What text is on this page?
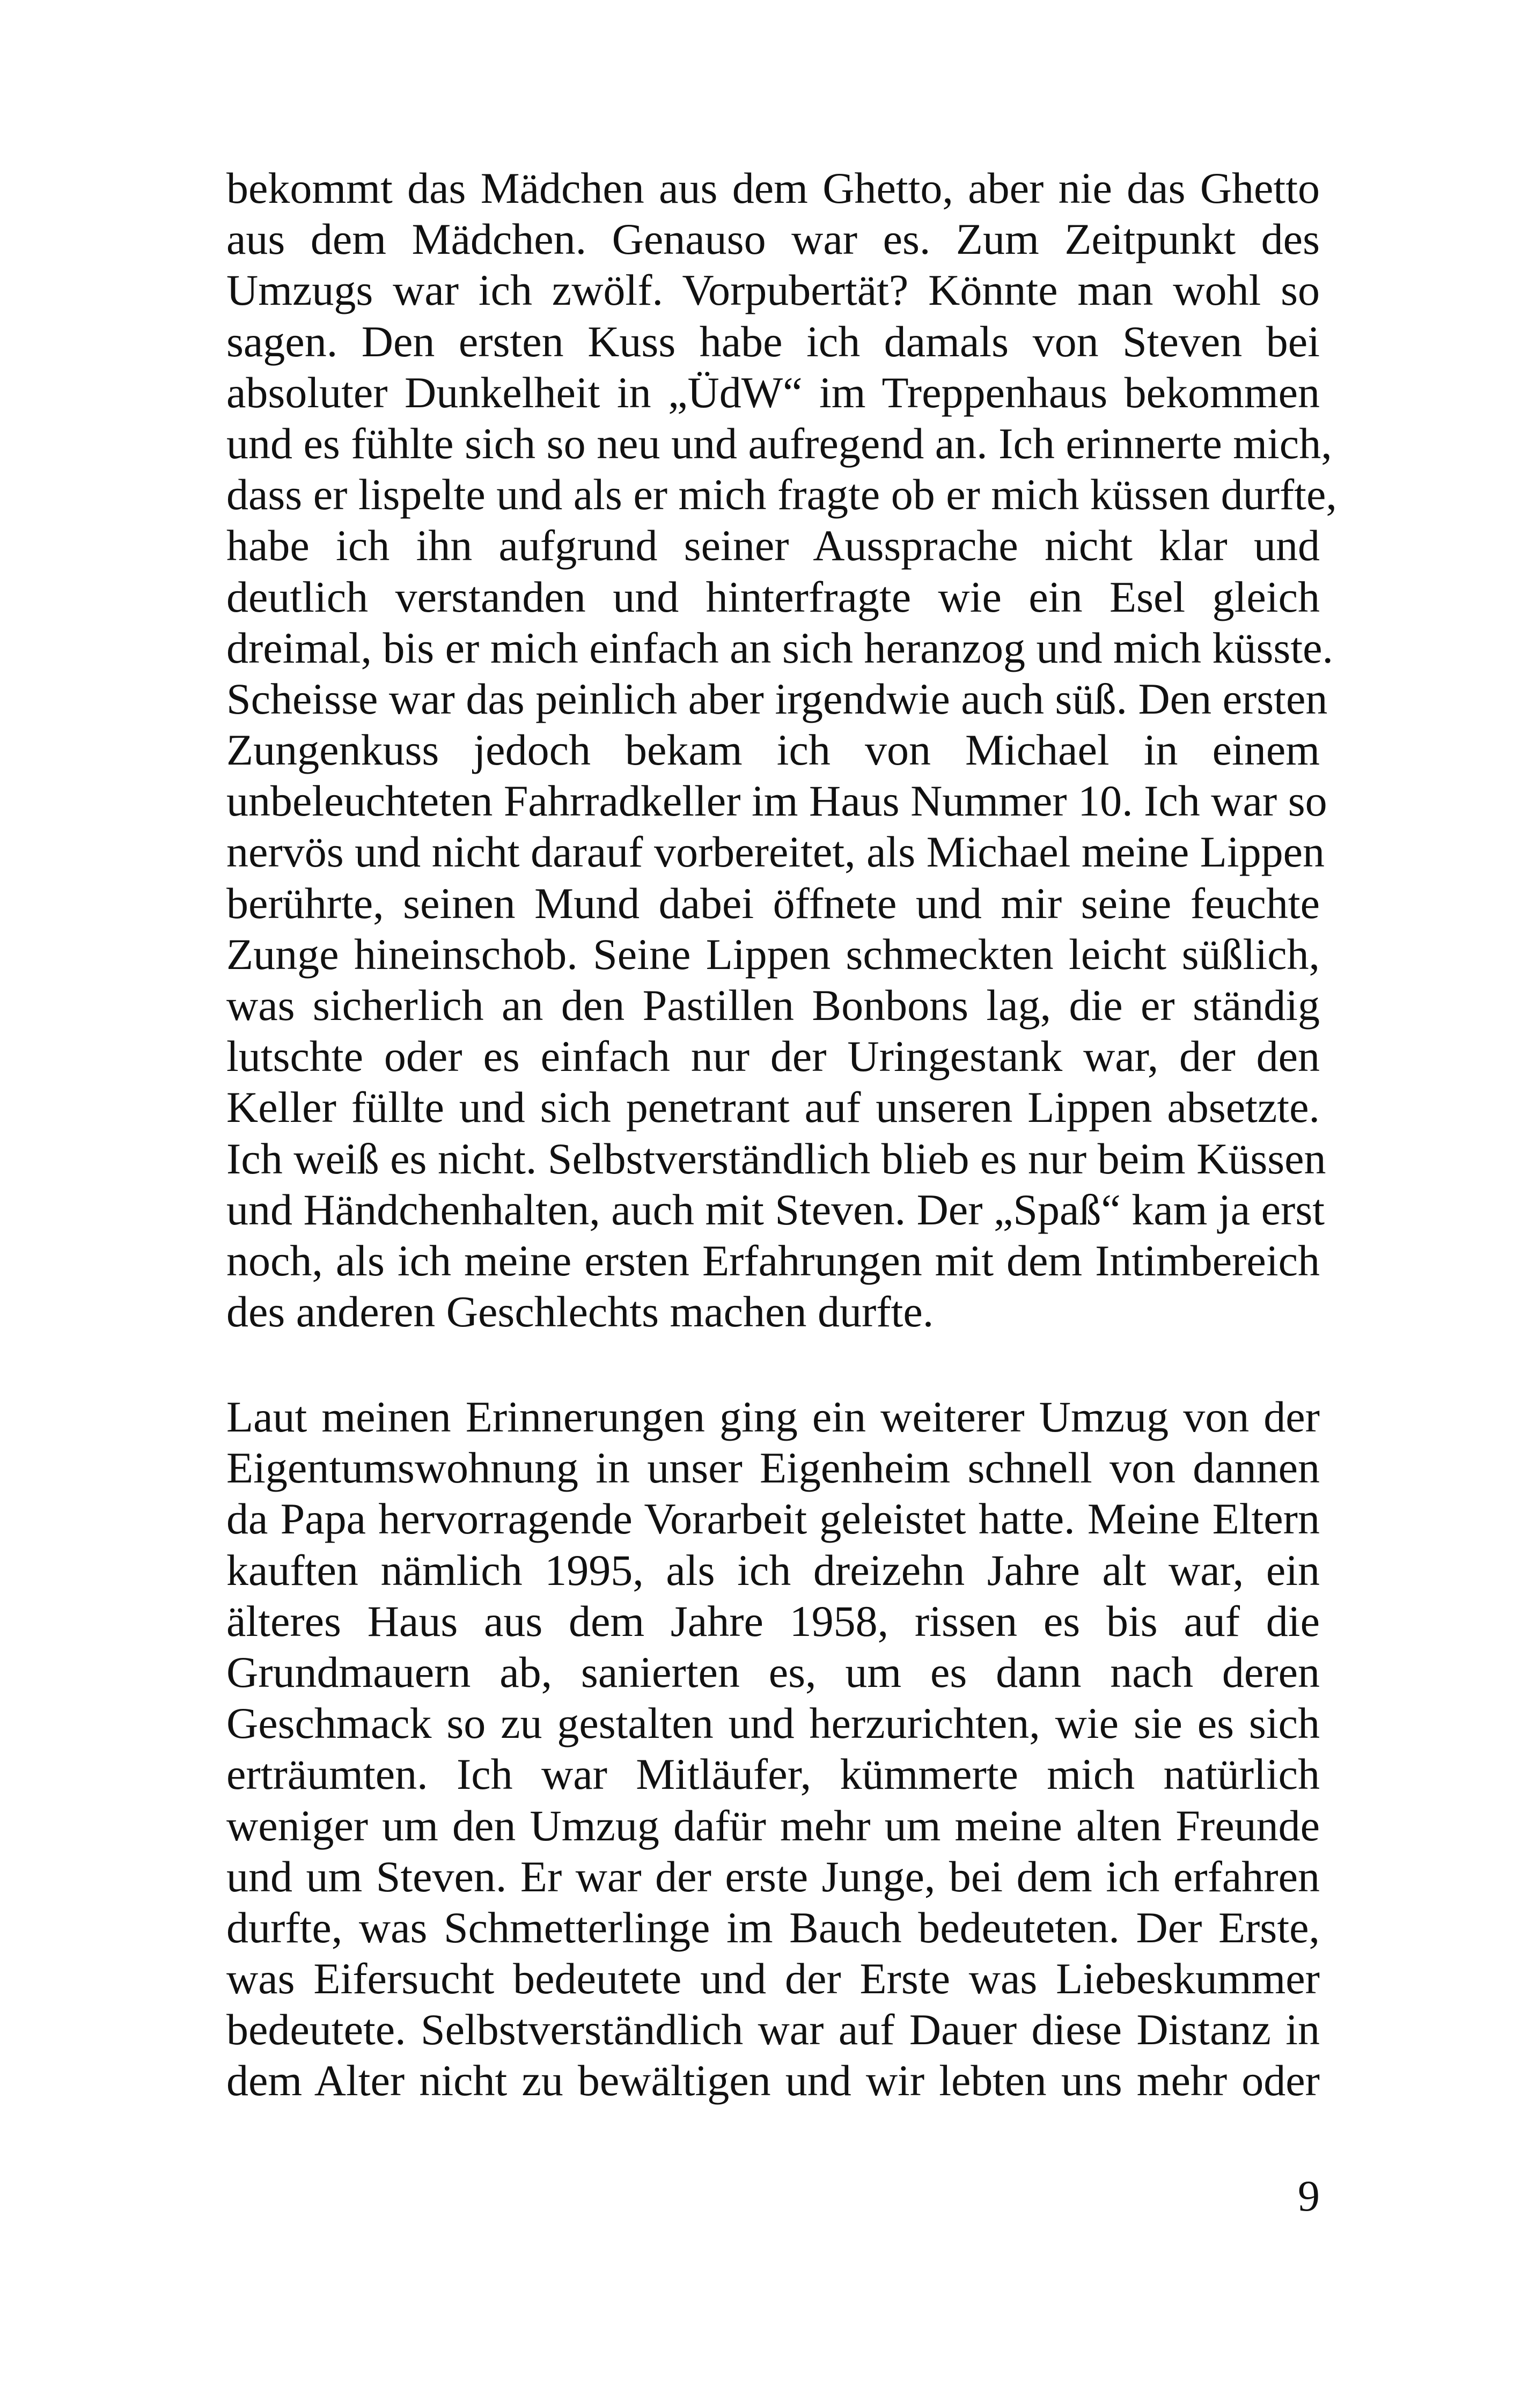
bekommt das Mädchen aus dem Ghetto, aber nie das Ghetto
aus dem Mädchen. Genauso war es. Zum Zeitpunkt des
Umzugs war ich zwölf. Vorpubertät? Könnte man wohl so
sagen. Den ersten Kuss habe ich damals von Steven bei
absoluter Dunkelheit in „ÜdW“ im Treppenhaus bekommen
und es fühlte sich so neu und aufregend an. Ich erinnerte mich,
dass er lispelte und als er mich fragte ob er mich küssen durfte,
habe ich ihn aufgrund seiner Aussprache nicht klar und
deutlich verstanden und hinterfragte wie ein Esel gleich
dreimal, bis er mich einfach an sich heranzog und mich küsste.
Scheisse war das peinlich aber irgendwie auch süß. Den ersten
Zungenkuss jedoch bekam ich von Michael in einem
unbeleuchteten Fahrradkeller im Haus Nummer 10. Ich war so
nervös und nicht darauf vorbereitet, als Michael meine Lippen
berührte, seinen Mund dabei öffnete und mir seine feuchte
Zunge hineinschob. Seine Lippen schmeckten leicht süßlich,
was sicherlich an den Pastillen Bonbons lag, die er ständig
lutschte oder es einfach nur der Uringestank war, der den
Keller füllte und sich penetrant auf unseren Lippen absetzte.
Ich weiß es nicht. Selbstverständlich blieb es nur beim Küssen
und Händchenhalten, auch mit Steven. Der „Spaß“ kam ja erst
noch, als ich meine ersten Erfahrungen mit dem Intimbereich
des anderen Geschlechts machen durfte.
Laut meinen Erinnerungen ging ein weiterer Umzug von der
Eigentumswohnung in unser Eigenheim schnell von dannen
da Papa hervorragende Vorarbeit geleistet hatte. Meine Eltern
kauften nämlich 1995, als ich dreizehn Jahre alt war, ein
älteres Haus aus dem Jahre 1958, rissen es bis auf die
Grundmauern ab, sanierten es, um es dann nach deren
Geschmack so zu gestalten und herzurichten, wie sie es sich
erträumten. Ich war Mitläufer, kümmerte mich natürlich
weniger um den Umzug dafür mehr um meine alten Freunde
und um Steven. Er war der erste Junge, bei dem ich erfahren
durfte, was Schmetterlinge im Bauch bedeuteten. Der Erste,
was Eifersucht bedeutete und der Erste was Liebeskummer
bedeutete. Selbstverständlich war auf Dauer diese Distanz in
dem Alter nicht zu bewältigen und wir lebten uns mehr oder
9
